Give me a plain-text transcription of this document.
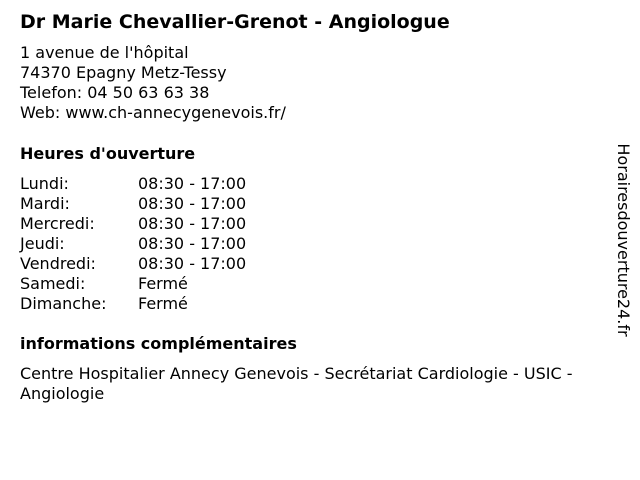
Dr Marie Chevallier-Grenot - Angiologue
1 avenue de l'hôpital
74370 Epagny Metz-Tessy
Telefon: 04 50 63 63 38
Web: www.ch-annecygenevois.fr/
Heures d'ouverture
Lundi:	08:30 - 17:00
Mardi:	08:30 - 17:00
Mercredi:	08:30 - 17:00
Jeudi:	08:30 - 17:00
Vendredi:	08:30 - 17:00
Samedi:	Fermé
Dimanche:	Fermé
informations complémentaires
Centre Hospitalier Annecy Genevois - Secrétariat Cardiologie - USIC - Angiologie
Horairesdouverture24.fr
